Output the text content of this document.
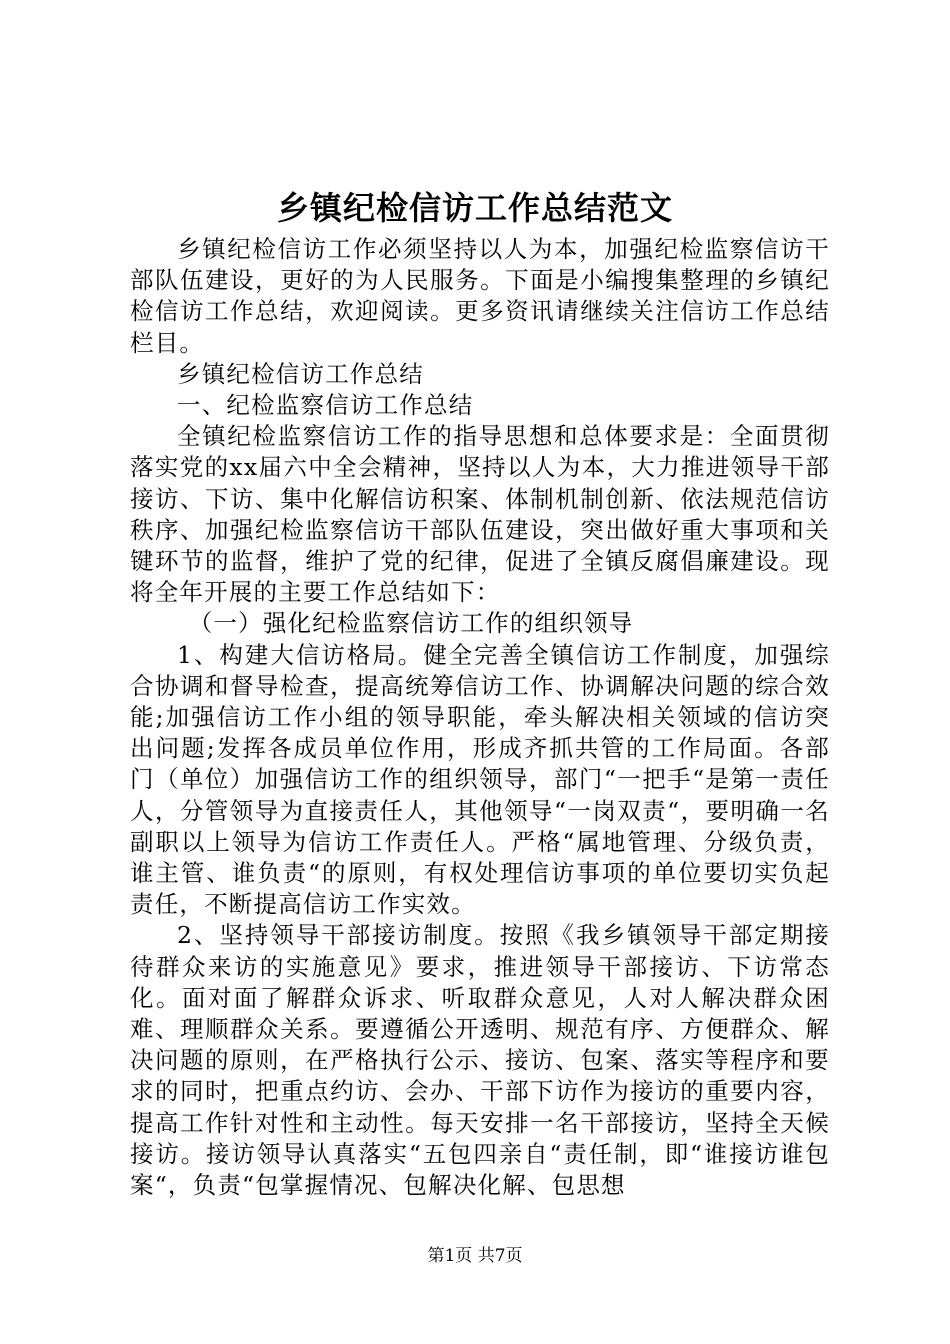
乡镇纪检信访工作总结范文

乡镇纪检信访工作必须坚持以人为本，加强纪检监察信访干部队伍建设，更好的为人民服务。下面是小编搜集整理的乡镇纪检信访工作总结，欢迎阅读。更多资讯请继续关注信访工作总结栏目。

乡镇纪检信访工作总结

一、纪检监察信访工作总结

全镇纪检监察信访工作的指导思想和总体要求是：全面贯彻落实党的xx届六中全会精神，坚持以人为本，大力推进领导干部接访、下访、集中化解信访积案、体制机制创新、依法规范信访秩序、加强纪检监察信访干部队伍建设，突出做好重大事项和关键环节的监督，维护了党的纪律，促进了全镇反腐倡廉建设。现将全年开展的主要工作总结如下：

（一）强化纪检监察信访工作的组织领导

1、构建大信访格局。健全完善全镇信访工作制度，加强综合协调和督导检查，提高统筹信访工作、协调解决问题的综合效能;加强信访工作小组的领导职能，牵头解决相关领域的信访突出问题;发挥各成员单位作用，形成齐抓共管的工作局面。各部门（单位）加强信访工作的组织领导，部门“一把手“是第一责任人，分管领导为直接责任人，其他领导“一岗双责“，要明确一名副职以上领导为信访工作责任人。严格“属地管理、分级负责，谁主管、谁负责“的原则，有权处理信访事项的单位要切实负起责任，不断提高信访工作实效。

2、坚持领导干部接访制度。按照《我乡镇领导干部定期接待群众来访的实施意见》要求，推进领导干部接访、下访常态化。面对面了解群众诉求、听取群众意见，人对人解决群众困难、理顺群众关系。要遵循公开透明、规范有序、方便群众、解决问题的原则，在严格执行公示、接访、包案、落实等程序和要求的同时，把重点约访、会办、干部下访作为接访的重要内容，提高工作针对性和主动性。每天安排一名干部接访，坚持全天候接访。接访领导认真落实“五包四亲自“责任制，即“谁接访谁包案“，负责“包掌握情况、包解决化解、包思想

第1页 共7页
